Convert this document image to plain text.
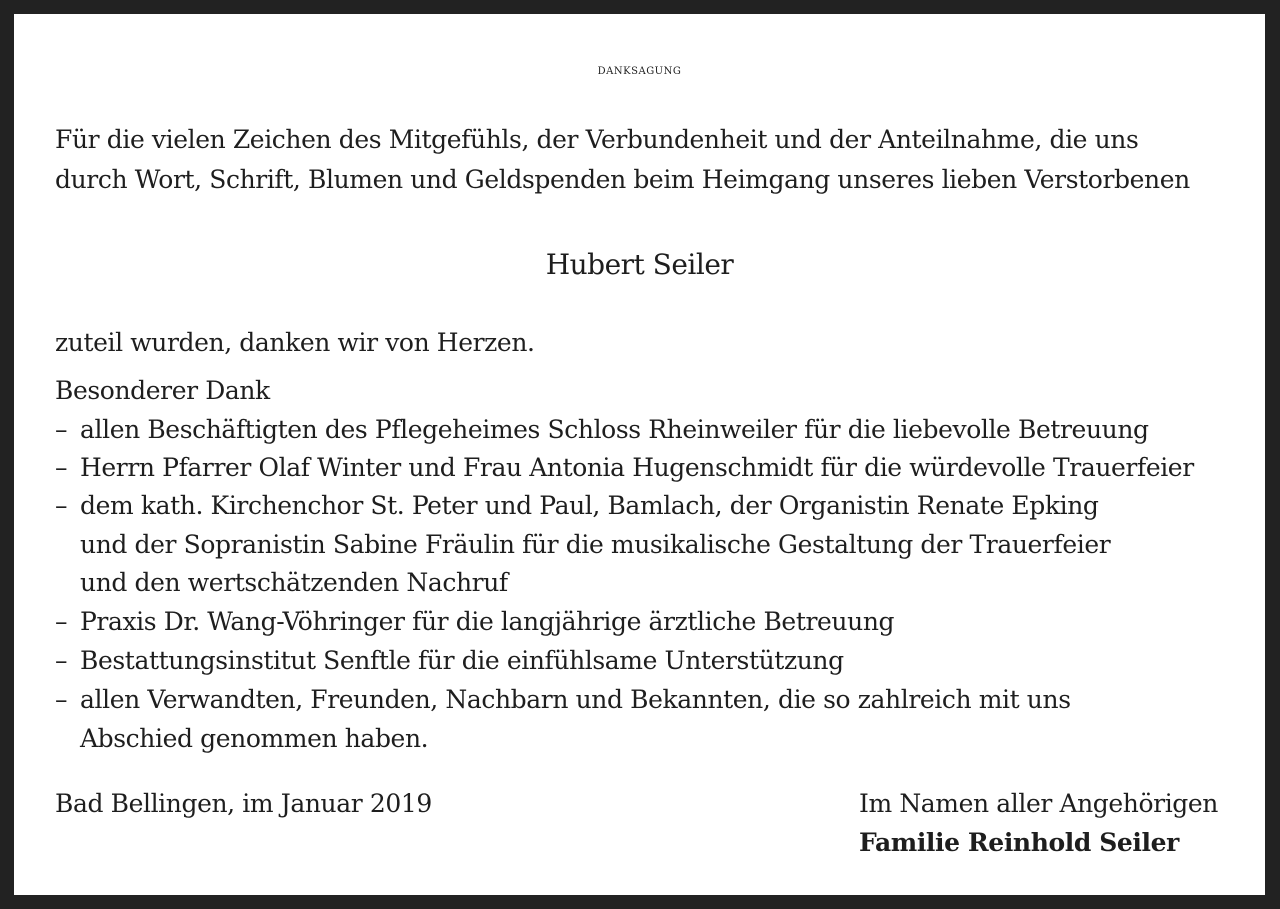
DANKSAGUNG
Für die vielen Zeichen des Mitgefühls, der Verbundenheit und der Anteilnahme, die uns
durch Wort, Schrift, Blumen und Geldspenden beim Heimgang unseres lieben Verstorbenen
Hubert Seiler
zuteil wurden, danken wir von Herzen.
Besonderer Dank
– allen Beschäftigten des Pflegeheimes Schloss Rheinweiler für die liebevolle Betreuung
– Herrn Pfarrer Olaf Winter und Frau Antonia Hugenschmidt für die würdevolle Trauerfeier
– dem kath. Kirchenchor St. Peter und Paul, Bamlach, der Organistin Renate Epking
und der Sopranistin Sabine Fräulin für die musikalische Gestaltung der Trauerfeier
und den wertschätzenden Nachruf
– Praxis Dr. Wang-Vöhringer für die langjährige ärztliche Betreuung
– Bestattungsinstitut Senftle für die einfühlsame Unterstützung
– allen Verwandten, Freunden, Nachbarn und Bekannten, die so zahlreich mit uns
Abschied genommen haben.
Bad Bellingen, im Januar 2019	Im Namen aller Angehörigen
Familie Reinhold Seiler
